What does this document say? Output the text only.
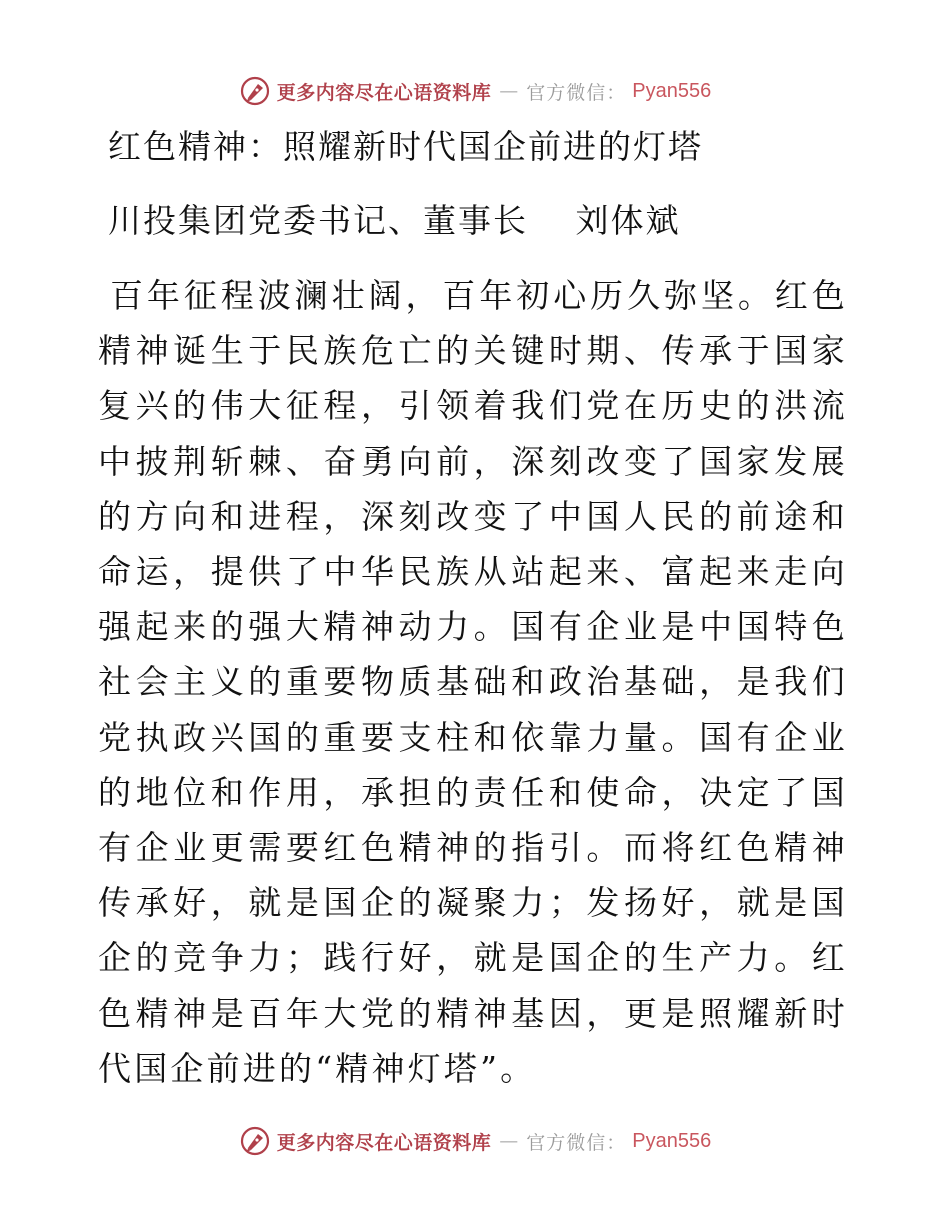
更多内容尽在心语资料库 — 官方微信： Pyan556
红色精神：照耀新时代国企前进的灯塔

川投集团党委书记、董事长　 刘体斌

百年征程波澜壮阔，百年初心历久弥坚。红色精神诞生于民族危亡的关键时期、传承于国家复兴的伟大征程，引领着我们党在历史的洪流中披荆斩棘、奋勇向前，深刻改变了国家发展的方向和进程，深刻改变了中国人民的前途和命运，提供了中华民族从站起来、富起来走向强起来的强大精神动力。国有企业是中国特色社会主义的重要物质基础和政治基础，是我们党执政兴国的重要支柱和依靠力量。国有企业的地位和作用，承担的责任和使命，决定了国有企业更需要红色精神的指引。而将红色精神传承好，就是国企的凝聚力；发扬好，就是国企的竞争力；践行好，就是国企的生产力。红色精神是百年大党的精神基因，更是照耀新时代国企前进的“精神灯塔”。

更多内容尽在心语资料库 — 官方微信： Pyan556
